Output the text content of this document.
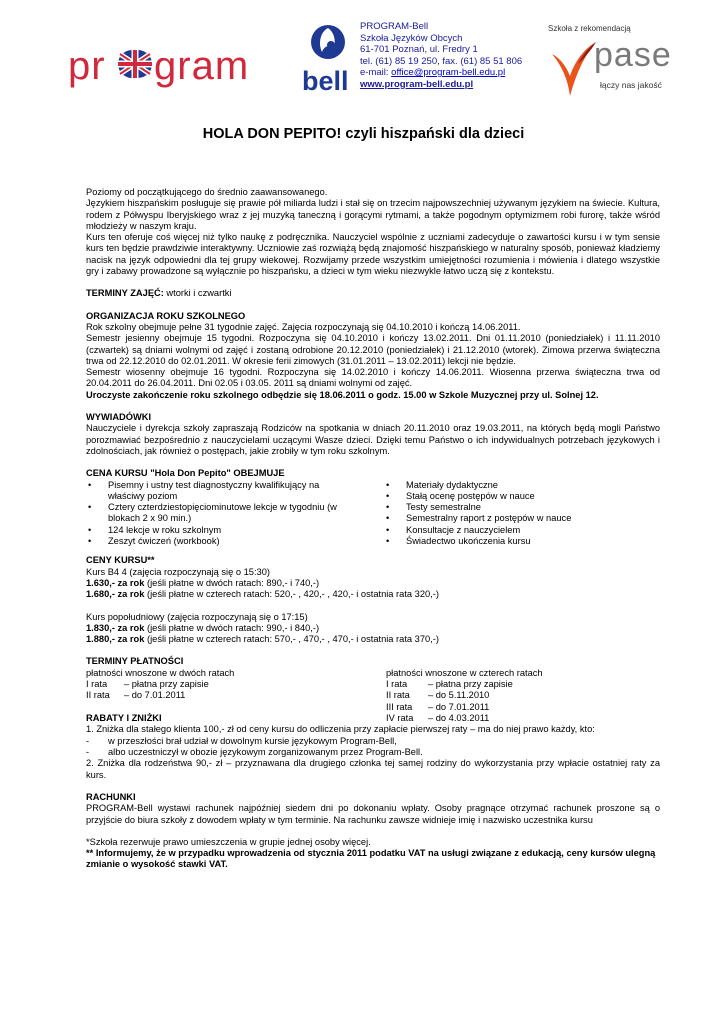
pr gram bell
PROGRAM-Bell
Szkoła Języków Obcych
61-701 Poznań, ul. Fredry 1
tel. (61) 85 19 250, fax. (61) 85 51 806
e-mail: office@program-bell.edu.pl
www.program-bell.edu.pl
Szkoła z rekomendacją
pase
łączy nas jakość
HOLA DON PEPITO! czyli hiszpański dla dzieci

Poziomy od początkującego do średnio zaawansowanego.

Językiem hiszpańskim posługuje się prawie pół miliarda ludzi i stał się on trzecim najpowszechniej używanym językiem na świecie. Kultura, rodem z Półwyspu Iberyjskiego wraz z jej muzyką taneczną i gorącymi rytmami, a także pogodnym optymizmem robi furorę, także wśród młodzieży w naszym kraju.

Kurs ten oferuje coś więcej niż tylko naukę z podręcznika. Nauczyciel wspólnie z uczniami zadecyduje o zawartości kursu i w tym sensie kurs ten będzie prawdziwie interaktywny. Uczniowie zaś rozwiążą będą znajomość hiszpańskiego w naturalny sposób, ponieważ kładziemy nacisk na język odpowiedni dla tej grupy wiekowej. Rozwijamy przede wszystkim umiejętności rozumienia i mówienia i dlatego wszystkie gry i zabawy prowadzone są wyłącznie po hiszpańsku, a dzieci w tym wieku niezwykle łatwo uczą się z kontekstu.

TERMINY ZAJĘĆ: wtorki i czwartki

ORGANIZACJA ROKU SZKOLNEGO

Rok szkolny obejmuje pełne 31 tygodnie zajęć. Zajęcia rozpoczynają się 04.10.2010 i kończą 14.06.2011.

Semestr jesienny obejmuje 15 tygodni. Rozpoczyna się 04.10.2010 i kończy 13.02.2011. Dni 01.11.2010 (poniedziałek) i 11.11.2010 (czwartek) są dniami wolnymi od zajęć i zostaną odrobione 20.12.2010 (poniedziałek) i 21.12.2010 (wtorek). Zimowa przerwa świąteczna trwa od 22.12.2010 do 02.01.2011. W okresie ferii zimowych (31.01.2011 – 13.02.2011) lekcji nie będzie.

Semestr wiosenny obejmuje 16 tygodni. Rozpoczyna się 14.02.2010 i kończy 14.06.2011. Wiosenna przerwa świąteczna trwa od 20.04.2011 do 26.04.2011. Dni 02.05 i 03.05. 2011 są dniami wolnymi od zajęć.

Uroczyste zakończenie roku szkolnego odbędzie się 18.06.2011 o godz. 15.00 w Szkole Muzycznej przy ul. Solnej 12.

WYWIADÓWKI

Nauczyciele i dyrekcja szkoły zapraszają Rodziców na spotkania w dniach 20.11.2010 oraz 19.03.2011, na których będą mogli Państwo porozmawiać bezpośrednio z nauczycielami uczącymi Wasze dzieci. Dzięki temu Państwo o ich indywidualnych potrzebach językowych i zdolnościach, jak również o postępach, jakie zrobiły w tym roku szkolnym.

CENA KURSU "Hola Don Pepito" OBEJMUJE

• Pisemny i ustny test diagnostyczny kwalifikujący na właściwy poziom
• Cztery czterdziestopięciominutowe lekcje w tygodniu (w blokach 2 x 90 min.)
• 124 lekcje w roku szkolnym
• Zeszyt ćwiczeń (workbook)
• Materiały dydaktyczne
• Stałą ocenę postępów w nauce
• Testy semestralne
• Semestralny raport z postępów w nauce
• Konsultacje z nauczycielem
• Świadectwo ukończenia kursu

CENY KURSU**

Kurs B4 4 (zajęcia rozpoczynają się o 15:30)

1.630,- za rok (jeśli płatne w dwóch ratach: 890,- i 740,-)

1.680,- za rok (jeśli płatne w czterech ratach: 520,- , 420,- , 420,- i ostatnia rata 320,-)

Kurs popołudniowy (zajęcia rozpoczynają się o 17:15)

1.830,- za rok (jeśli płatne w dwóch ratach: 990,- i 840,-)

1.880,- za rok (jeśli płatne w czterech ratach: 570,- , 470,- , 470,- i ostatnia rata 370,-)

TERMINY PŁATNOŚCI

płatności wnoszone w dwóch ratach
I rata – płatna przy zapisie
II rata – do 7.01.2011
płatności wnoszone w czterech ratach
I rata – płatna przy zapisie
II rata – do 5.11.2010
III rata – do 7.01.2011
IV rata – do 4.03.2011

RABATY I ZNIŻKI

1. Zniżka dla stałego klienta 100,- zł od ceny kursu do odliczenia przy zapłacie pierwszej raty – ma do niej prawo każdy, kto:

- w przeszłości brał udział w dowolnym kursie językowym Program-Bell,

- albo uczestniczył w obozie językowym zorganizowanym przez Program-Bell.

2. Zniżka dla rodzeństwa 90,- zł – przyznawana dla drugiego członka tej samej rodziny do wykorzystania przy wpłacie ostatniej raty za kurs.

RACHUNKI

PROGRAM-Bell wystawi rachunek najpóźniej siedem dni po dokonaniu wpłaty. Osoby pragnące otrzymać rachunek proszone są o przyjście do biura szkoły z dowodem wpłaty w tym terminie. Na rachunku zawsze widnieje imię i nazwisko uczestnika kursu

*Szkoła rezerwuje prawo umieszczenia w grupie jednej osoby więcej.

** Informujemy, że w przypadku wprowadzenia od stycznia 2011 podatku VAT na usługi związane z edukacją, ceny kursów ulegną zmianie o wysokość stawki VAT.
